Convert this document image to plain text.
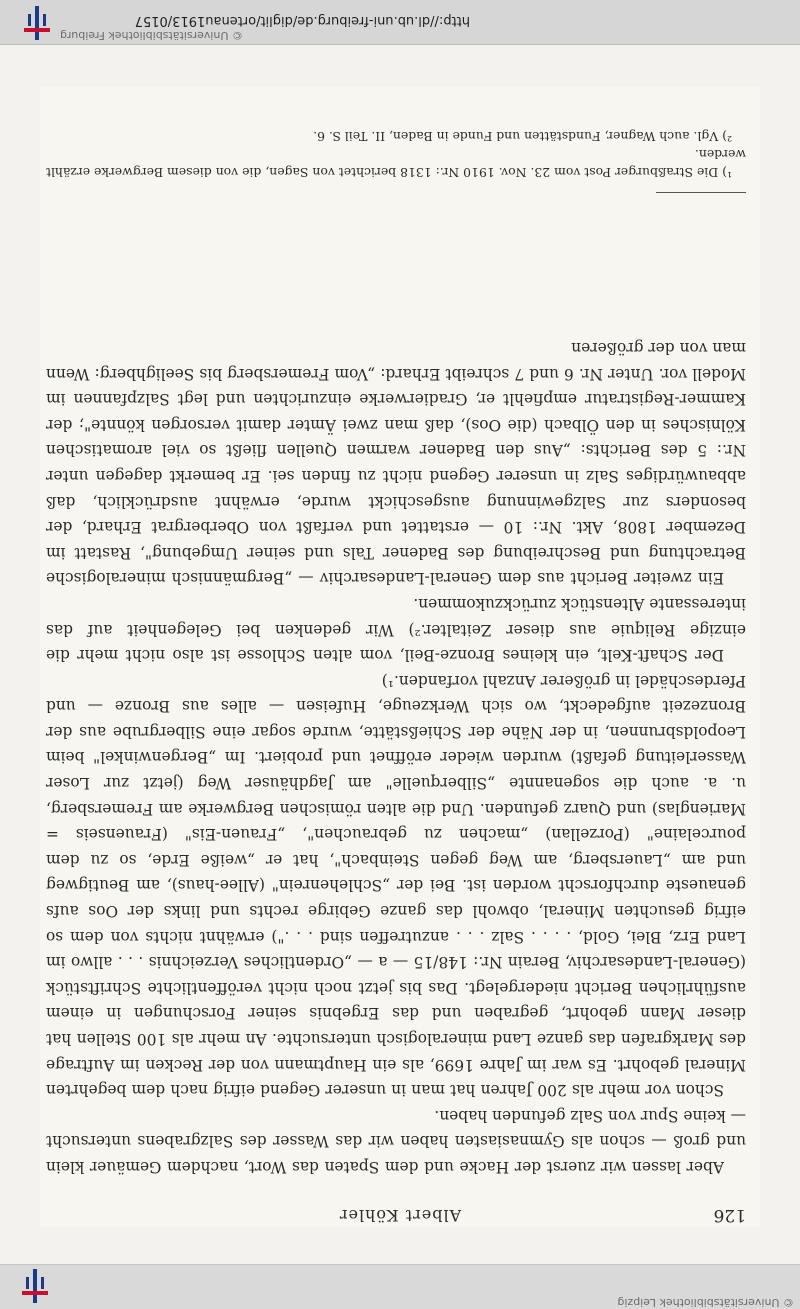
© Universitätsbibliothek Leipzig
126
Albert Köhler

Aber lassen wir zuerst der Hacke und dem Spaten das Wort, nachdem Gemäuer klein und groß — schon als Gymnasiasten haben wir das Wasser des Salzgrabens untersucht — keine Spur von Salz gefunden haben.

Schon vor mehr als 200 Jahren hat man in unserer Gegend eifrig nach dem begehrten Mineral gebohrt. Es war im Jahre 1699, als ein Hauptmann von der Recken im Auftrage des Markgrafen das ganze Land mineralogisch untersuchte. An mehr als 100 Stellen hat dieser Mann gebohrt, gegraben und das Ergebnis seiner Forschungen in einem ausführlichen Bericht niedergelegt. Das bis jetzt noch nicht veröffentlichte Schriftstück (General-Landesarchiv, Berain Nr.: 148/15 — a — „Ordentliches Verzeichnis . . . allwo im Land Erz, Blei, Gold, . . . . Salz . . . anzutreffen sind . . .") erwähnt nichts von dem so eifrig gesuchten Mineral, obwohl das ganze Gebirge rechts und links der Oos aufs genaueste durchforscht worden ist. Bei der „Schlehenrein" (Allee-haus), am Beutigweg und am „Lauersberg, am Weg gegen Steinbach", hat er „weiße Erde, so zu dem pourcelaine" (Porzellan) „machen zu gebrauchen", „Frauen-Eis" (Frauenseis = Marienglas) und Quarz gefunden. Und die alten römischen Bergwerke am Fremersberg, u. a. auch die sogenannte „Silberquelle" am Jagdhäuser Weg (jetzt zur Loser Wasserleitung gefaßt) wurden wieder eröffnet und probiert. Im „Bergenwinkel" beim Leopoldsbrunnen, in der Nähe der Schießstätte, wurde sogar eine Silbergrube aus der Bronzezeit aufgedeckt, wo sich Werkzeuge, Hufeisen — alles aus Bronze — und Pferdeschädel in größerer Anzahl vorfanden.¹)

Der Schaft-Kelt, ein kleines Bronze-Beil, vom alten Schlosse ist also nicht mehr die einzige Reliquie aus dieser Zeitalter.²) Wir gedenken bei Gelegenheit auf das interessante Altenstück zurückzukommen.

Ein zweiter Bericht aus dem General-Landesarchiv — „Bergmännisch mineralogische Betrachtung und Beschreibung des Badener Tals und seiner Umgebung", Rastatt im Dezember 1808, Akt. Nr.: 10 — erstattet und verfaßt von Oberbergrat Erhard, der besonders zur Salzgewinnung ausgeschickt wurde, erwähnt ausdrücklich, daß abbauwürdiges Salz in unserer Gegend nicht zu finden sei. Er bemerkt dagegen unter Nr.: 5 des Berichts: „Aus den Badener warmen Quellen fließt so viel aromatischen Kölnisches in den Ölbach (die Oos), daß man zwei Ämter damit versorgen könnte"; der Kammer-Registratur empfiehlt er, Gradierwerke einzurichten und legt Salzpfannen im Modell vor. Unter Nr. 6 und 7 schreibt Erhard: „Vom Fremersberg bis Seelighberg: Wenn man von der größeren

¹) Die Straßburger Post vom 23. Nov. 1910 Nr.: 1318 berichtet von Sagen, die von diesem Bergwerke erzählt werden.

²) Vgl. auch Wagner, Fundstätten und Funde in Baden, II. Teil S. 6.

© Universitätsbibliothek Freiburg
http://dl.ub.uni-freiburg.de/diglit/ortenau1913/0157
